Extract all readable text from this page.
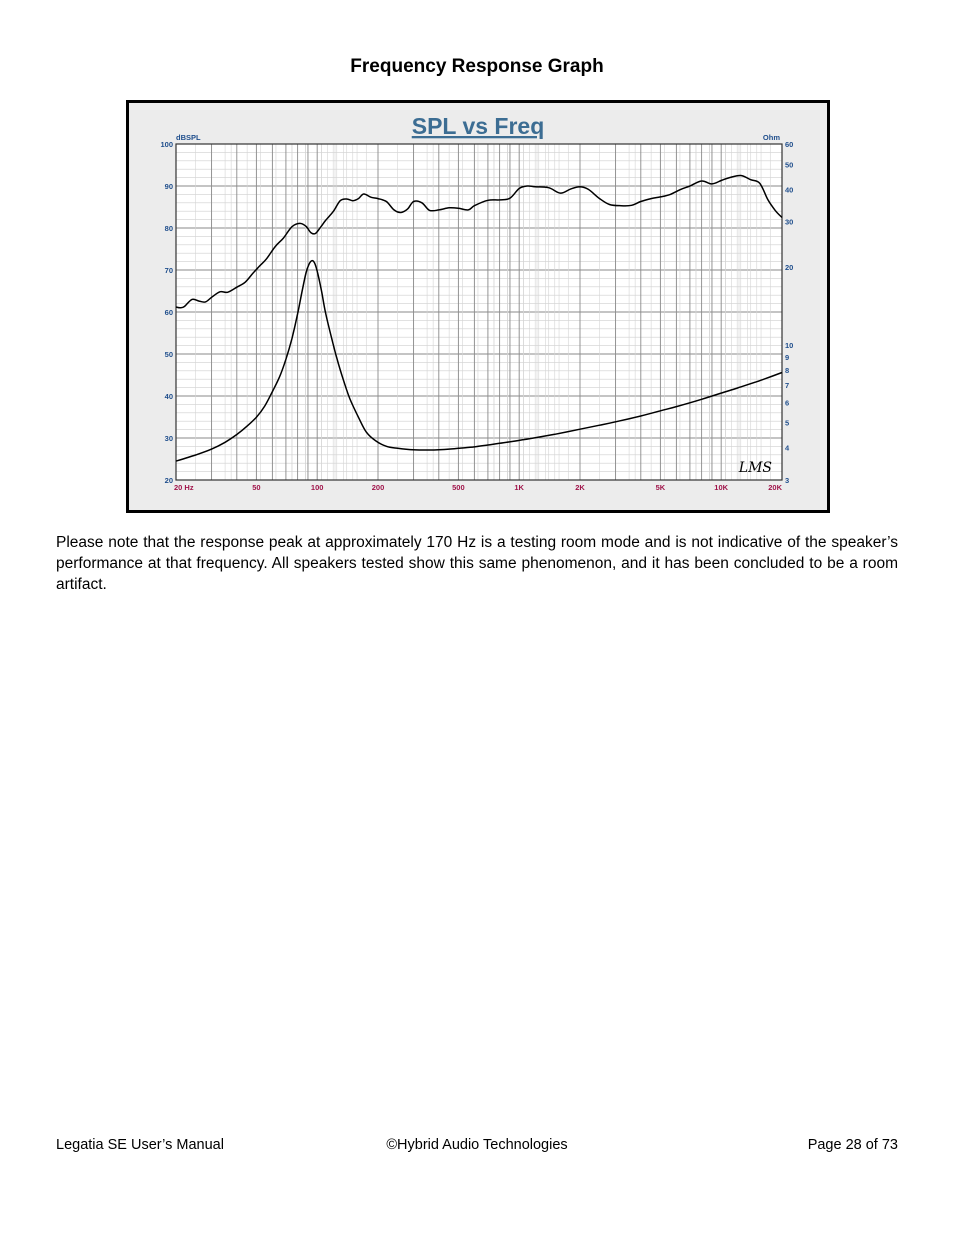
Frequency Response Graph
SPL vs Freq
dBSPL	Ohm
100
90
80
70
60
50
40
30
20
60
50
40
30
20
10
9
8
7
6
5
4
3
20 Hz	50	100	200	500	1K	2K	5K	10K	20K
LMS
Please note that the response peak at approximately 170 Hz is a testing room mode and is not indicative of the speaker’s performance at that frequency. All speakers tested show this same phenomenon, and it has been concluded to be a room artifact.
Legatia SE User’s Manual	©Hybrid Audio Technologies	Page 28 of 73
